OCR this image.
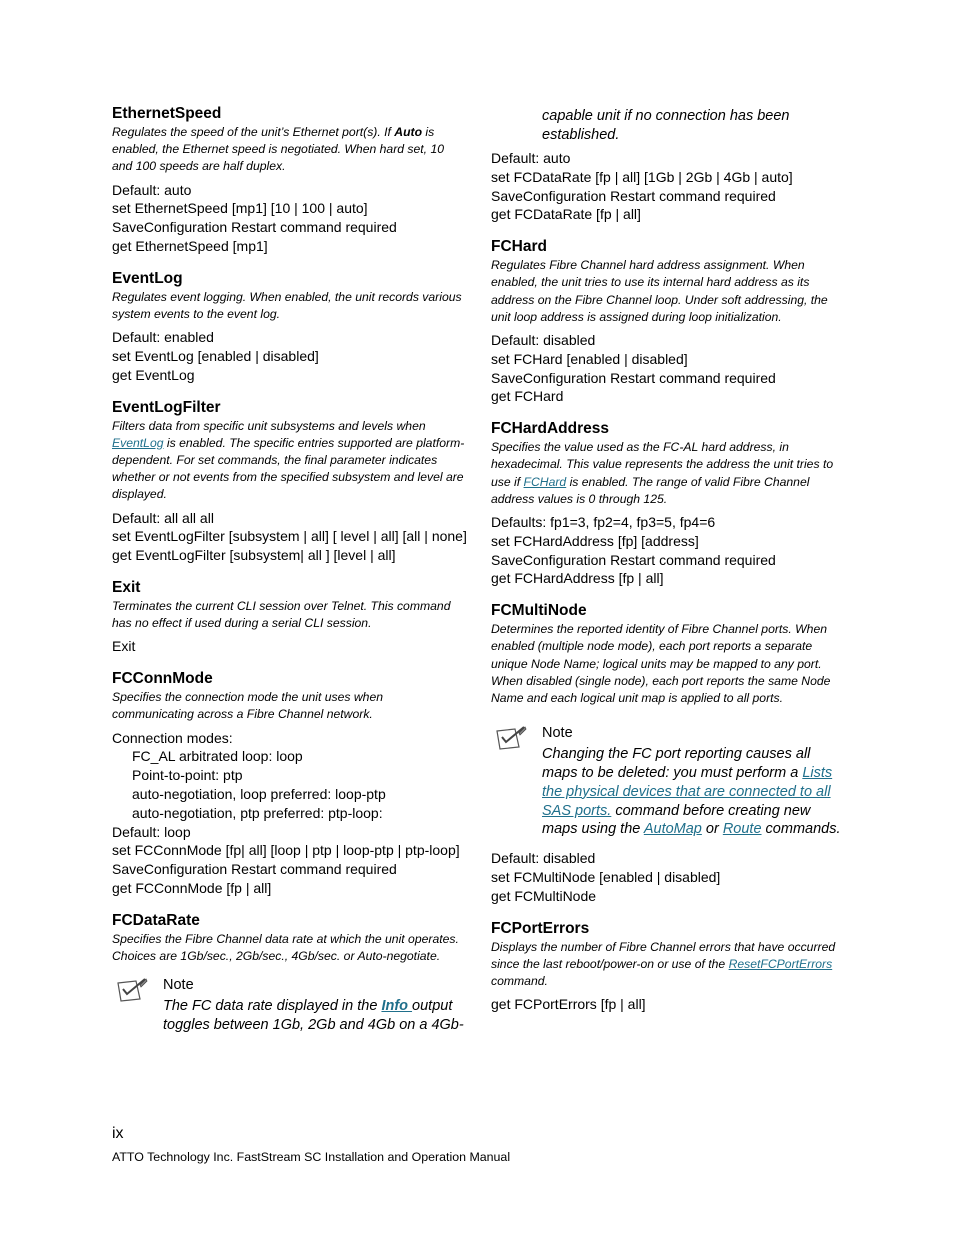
EthernetSpeed
Regulates the speed of the unit’s Ethernet port(s). If Auto is enabled, the Ethernet speed is negotiated. When hard set, 10 and 100 speeds are half duplex.
Default: auto
set EthernetSpeed [mp1] [10 | 100 | auto]
SaveConfiguration Restart command required
get EthernetSpeed [mp1]
EventLog
Regulates event logging. When enabled, the unit records various system events to the event log.
Default: enabled
set EventLog [enabled | disabled]
get EventLog
EventLogFilter
Filters data from specific unit subsystems and levels when EventLog is enabled. The specific entries supported are platform-dependent. For set commands, the final parameter indicates whether or not events from the specified subsystem and level are displayed.
Default: all all all
set EventLogFilter [subsystem | all] [ level | all] [all | none]
get EventLogFilter [subsystem| all ] [level | all]
Exit
Terminates the current CLI session over Telnet. This command has no effect if used during a serial CLI session.
Exit
FCConnMode
Specifies the connection mode the unit uses when communicating across a Fibre Channel network.
Connection modes:
FC_AL arbitrated loop: loop
Point-to-point: ptp
auto-negotiation, loop preferred: loop-ptp
auto-negotiation, ptp preferred: ptp-loop:
Default: loop
set FCConnMode [fp| all] [loop | ptp | loop-ptp | ptp-loop]
SaveConfiguration Restart command required
get FCConnMode [fp | all]
FCDataRate
Specifies the Fibre Channel data rate at which the unit operates. Choices are 1Gb/sec., 2Gb/sec., 4Gb/sec. or Auto-negotiate.
Note
The FC data rate displayed in the Info output toggles between 1Gb, 2Gb and 4Gb on a 4Gb-
capable unit if no connection has been established.
Default: auto
set FCDataRate [fp | all] [1Gb | 2Gb | 4Gb | auto]
SaveConfiguration Restart command required
get FCDataRate [fp | all]
FCHard
Regulates Fibre Channel hard address assignment. When enabled, the unit tries to use its internal hard address as its address on the Fibre Channel loop. Under soft addressing, the unit loop address is assigned during loop initialization.
Default: disabled
set FCHard [enabled | disabled]
SaveConfiguration Restart command required
get FCHard
FCHardAddress
Specifies the value used as the FC-AL hard address, in hexadecimal. This value represents the address the unit tries to use if FCHard is enabled. The range of valid Fibre Channel address values is 0 through 125.
Defaults: fp1=3, fp2=4, fp3=5, fp4=6
set FCHardAddress [fp] [address]
SaveConfiguration Restart command required
get FCHardAddress [fp | all]
FCMultiNode
Determines the reported identity of Fibre Channel ports. When enabled (multiple node mode), each port reports a separate unique Node Name; logical units may be mapped to any port. When disabled (single node), each port reports the same Node Name and each logical unit map is applied to all ports.
Note
Changing the FC port reporting causes all maps to be deleted: you must perform a Lists the physical devices that are connected to all SAS ports. command before creating new maps using the AutoMap or Route commands.
Default: disabled
set FCMultiNode [enabled | disabled]
get FCMultiNode
FCPortErrors
Displays the number of Fibre Channel errors that have occurred since the last reboot/power-on or use of the ResetFCPortErrors command.
get FCPortErrors [fp | all]
ix
ATTO Technology Inc. FastStream SC Installation and Operation Manual
